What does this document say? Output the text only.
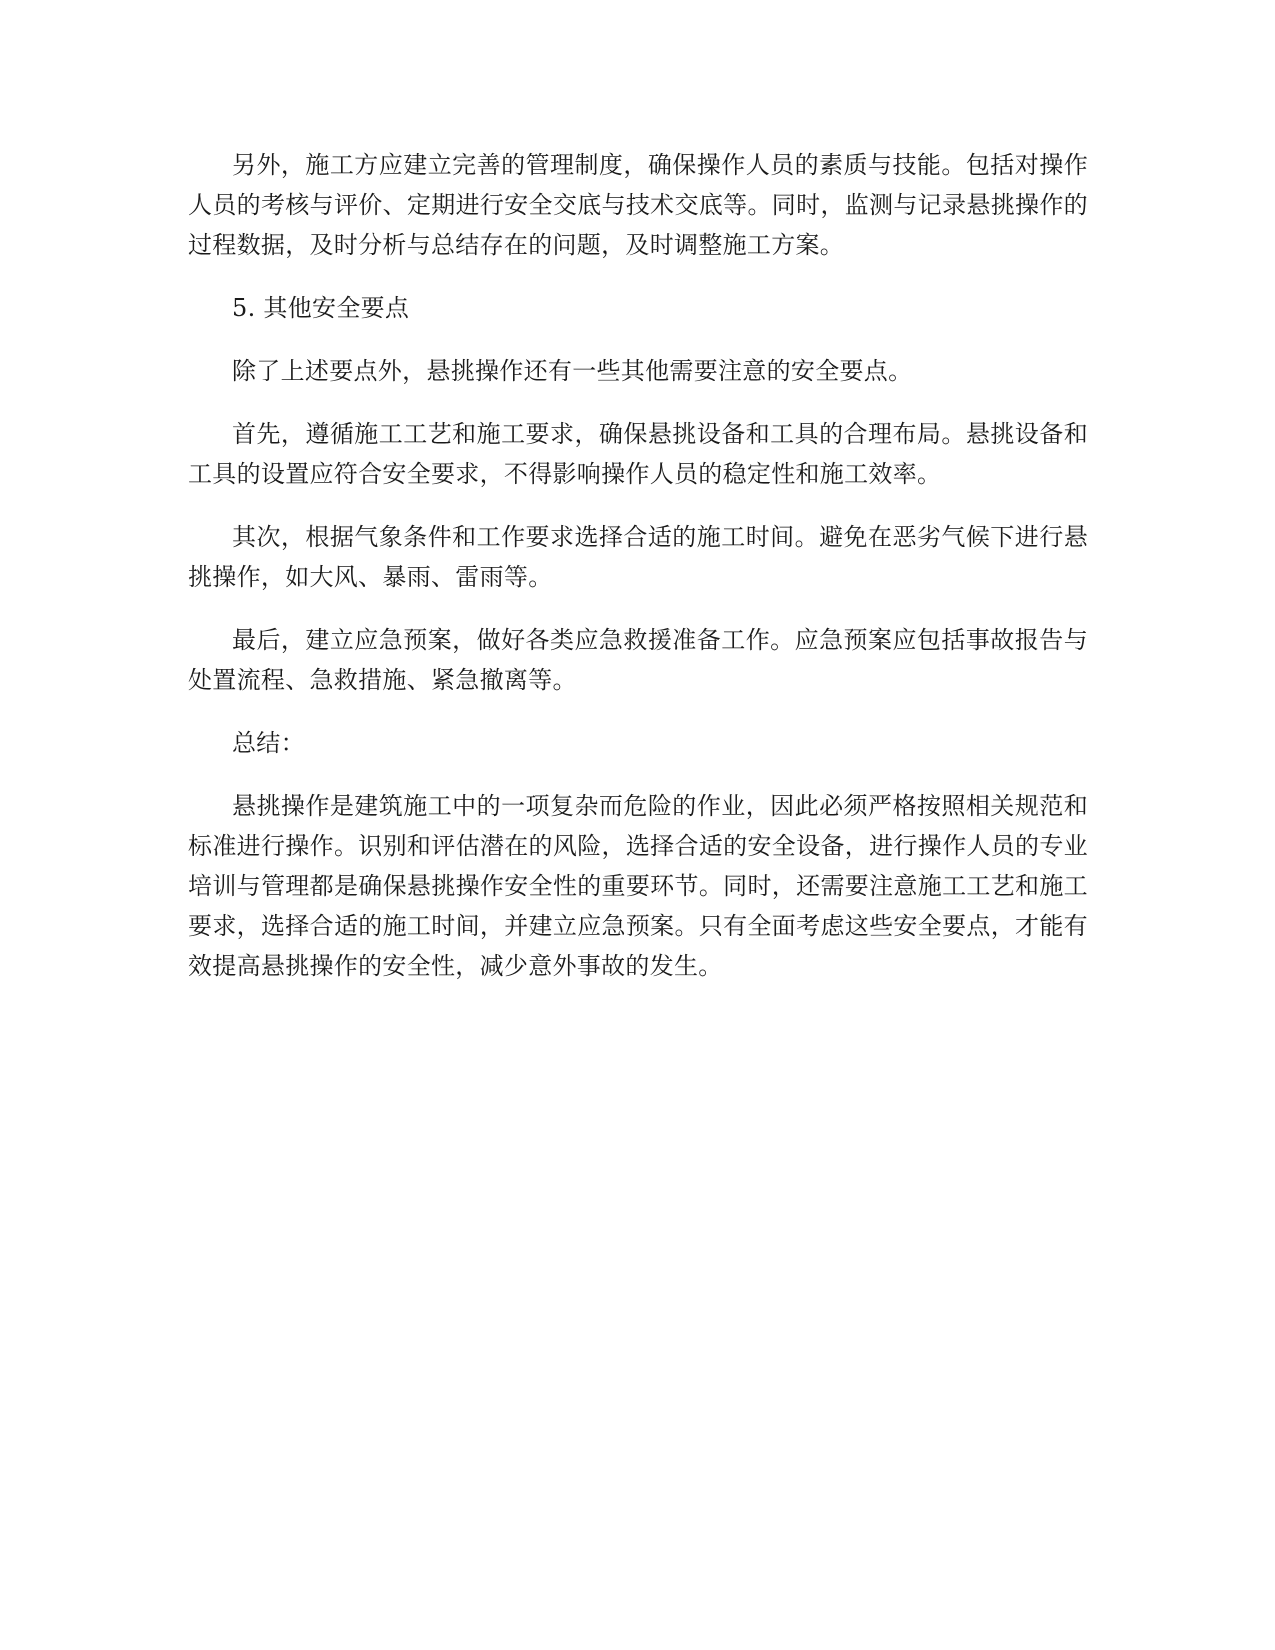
另外，施工方应建立完善的管理制度，确保操作人员的素质与技能。包括对操作人员的考核与评价、定期进行安全交底与技术交底等。同时，监测与记录悬挑操作的过程数据，及时分析与总结存在的问题，及时调整施工方案。

5. 其他安全要点

除了上述要点外，悬挑操作还有一些其他需要注意的安全要点。

首先，遵循施工工艺和施工要求，确保悬挑设备和工具的合理布局。悬挑设备和工具的设置应符合安全要求，不得影响操作人员的稳定性和施工效率。

其次，根据气象条件和工作要求选择合适的施工时间。避免在恶劣气候下进行悬挑操作，如大风、暴雨、雷雨等。

最后，建立应急预案，做好各类应急救援准备工作。应急预案应包括事故报告与处置流程、急救措施、紧急撤离等。

总结：

悬挑操作是建筑施工中的一项复杂而危险的作业，因此必须严格按照相关规范和标准进行操作。识别和评估潜在的风险，选择合适的安全设备，进行操作人员的专业培训与管理都是确保悬挑操作安全性的重要环节。同时，还需要注意施工工艺和施工要求，选择合适的施工时间，并建立应急预案。只有全面考虑这些安全要点，才能有效提高悬挑操作的安全性，减少意外事故的发生。
